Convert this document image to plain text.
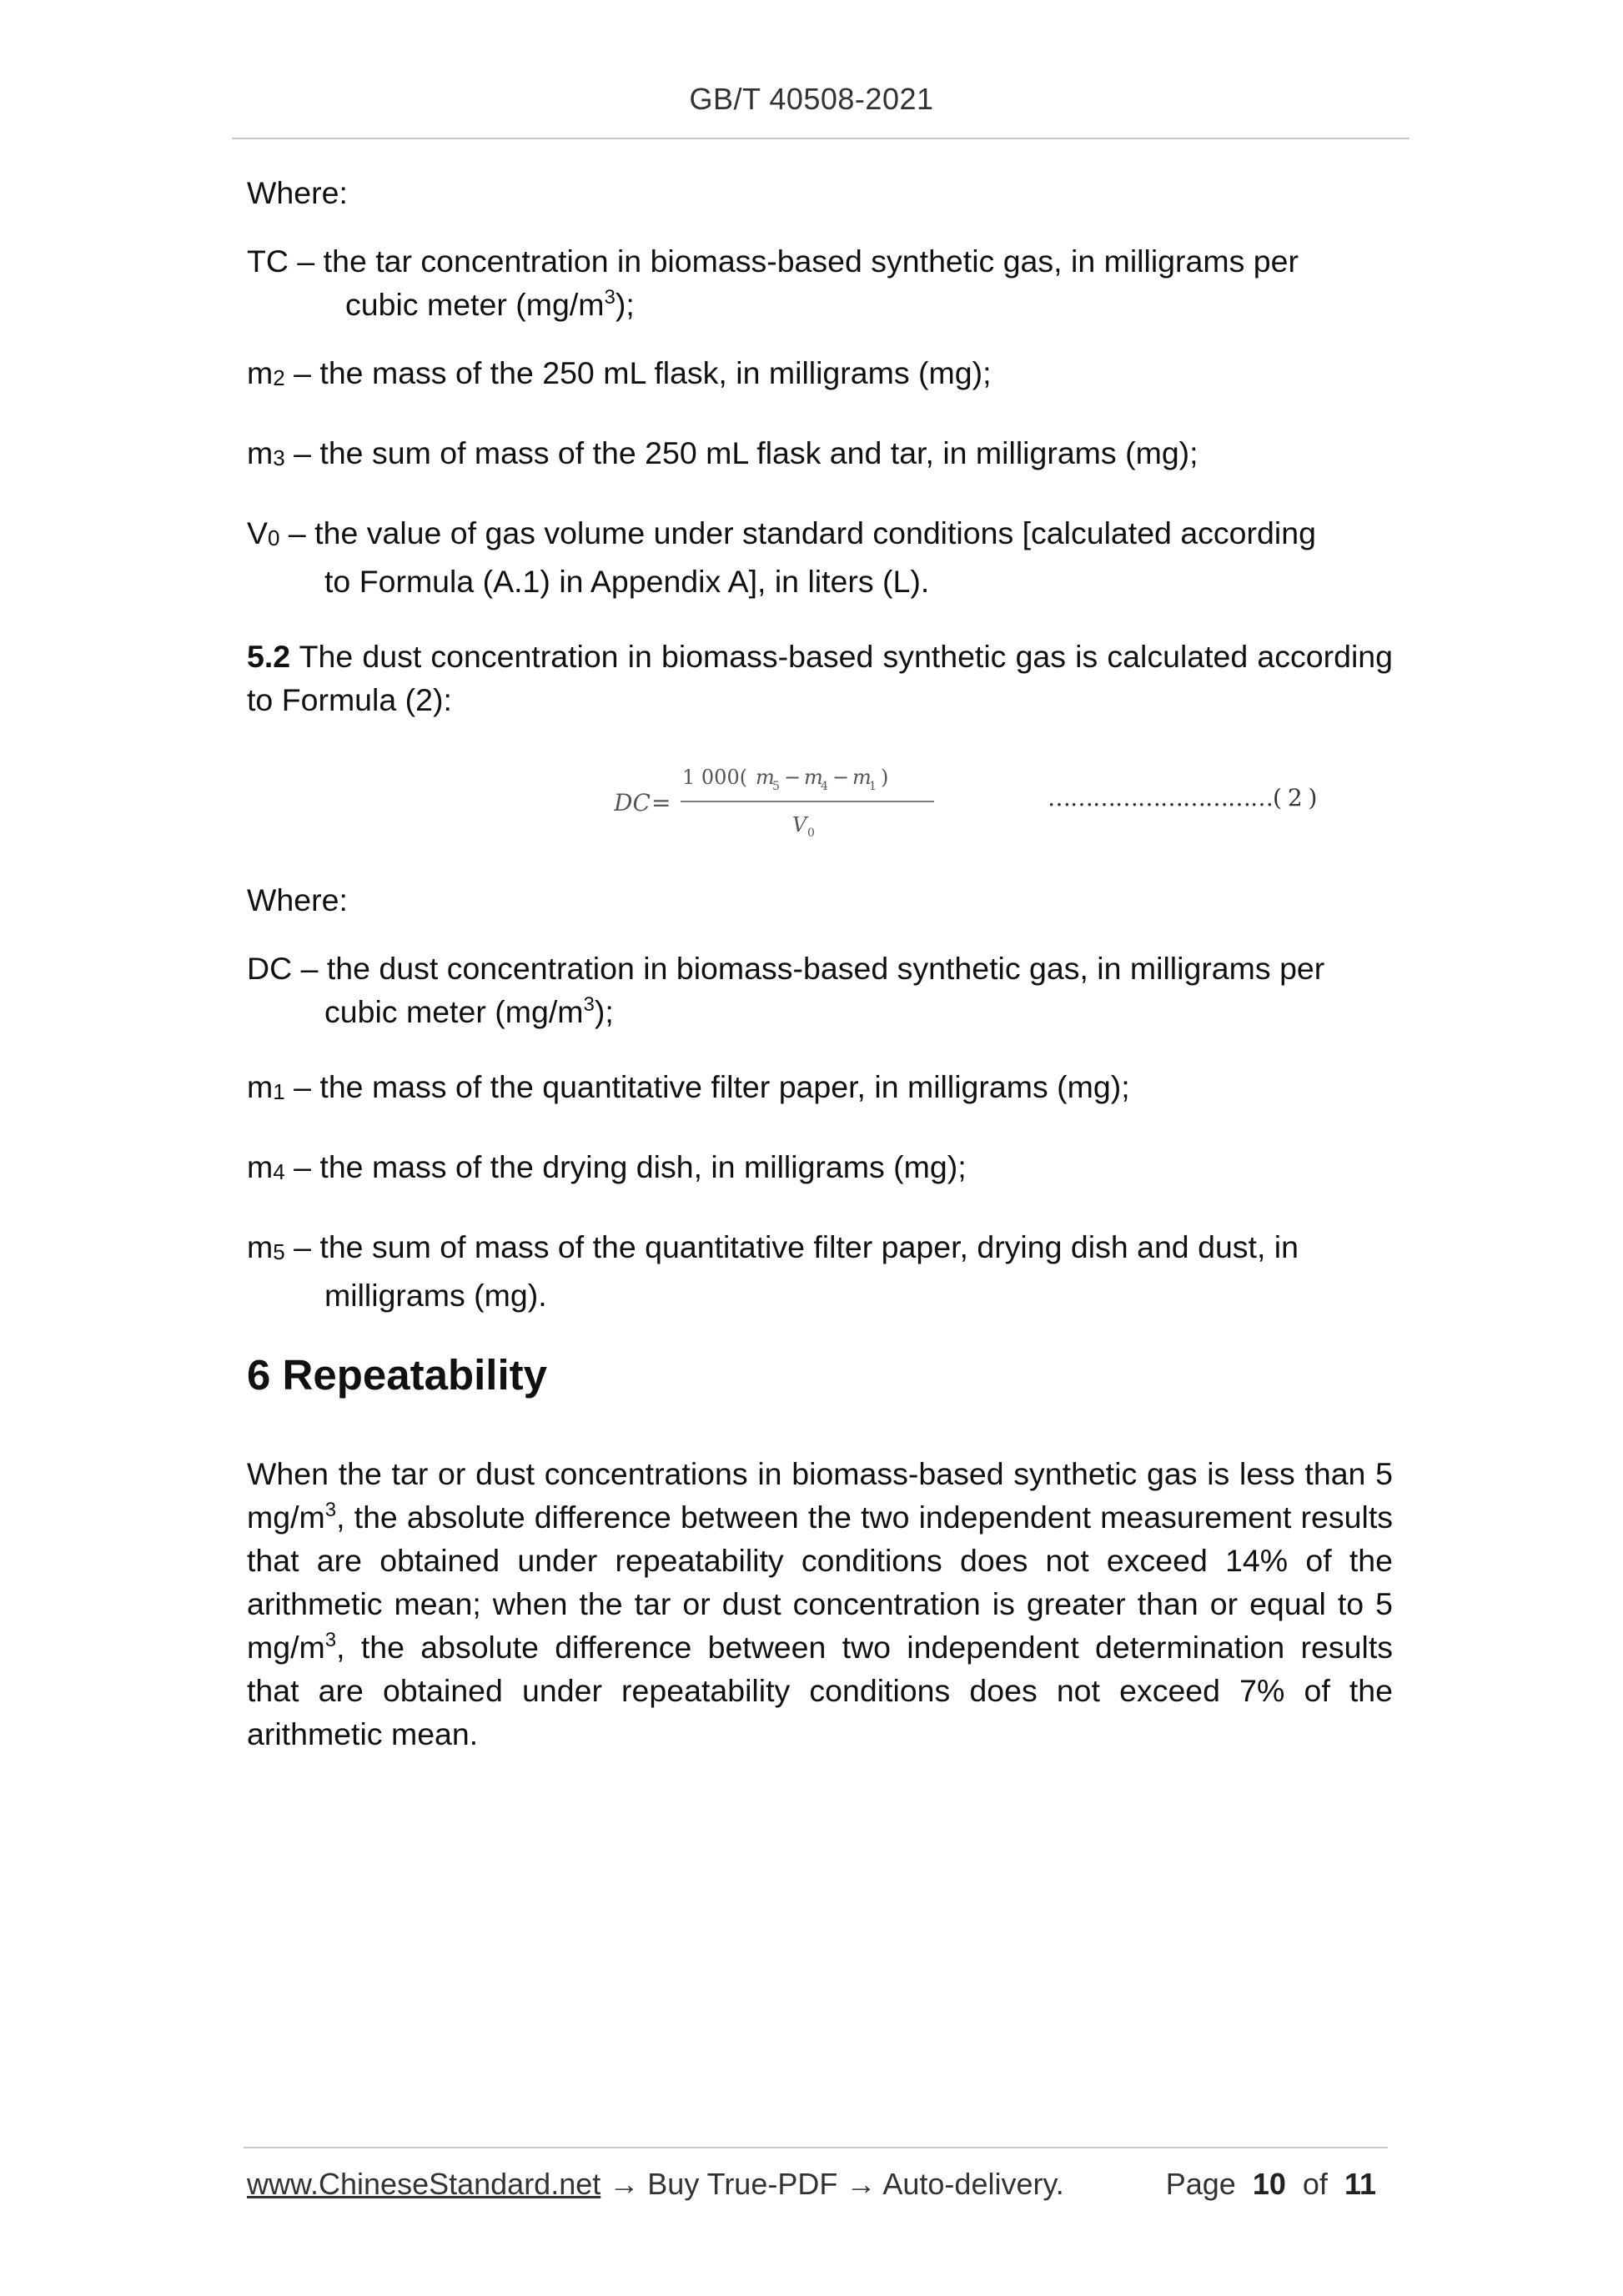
GB/T 40508-2021

Where:

TC – the tar concentration in biomass-based synthetic gas, in milligrams per
cubic meter $(mg/m^3)$;

m2 – the mass of the 250 mL flask, in milligrams (mg);

m3 – the sum of mass of the 250 mL flask and tar, in milligrams (mg);

V0 – the value of gas volume under standard conditions [calculated according
to Formula (A.1) in Appendix A], in liters (L).

5.2 The dust concentration in biomass-based synthetic gas is calculated according to Formula (2):

DC =
1 000( m
5 − m
4 − m
1 )
V 0
…………………………( 2 )

Where:

DC – the dust concentration in biomass-based synthetic gas, in milligrams per
cubic meter $(mg/m^3)$;

m1 – the mass of the quantitative filter paper, in milligrams (mg);

m4 – the mass of the drying dish, in milligrams (mg);

m5 – the sum of mass of the quantitative filter paper, drying dish and dust, in
milligrams (mg).

6 Repeatability

When the tar or dust concentrations in biomass-based synthetic gas is less than 5 $mg/m^3$, the absolute difference between the two independent measurement results that are obtained under repeatability conditions does not exceed 14% of the arithmetic mean; when the tar or dust concentration is greater than or equal to 5 $mg/m^3$, the absolute difference between two independent determination results that are obtained under repeatability conditions does not exceed 7% of the arithmetic mean.

www.ChineseStandard.net → Buy True-PDF → Auto-delivery.	Page 10 of 11
